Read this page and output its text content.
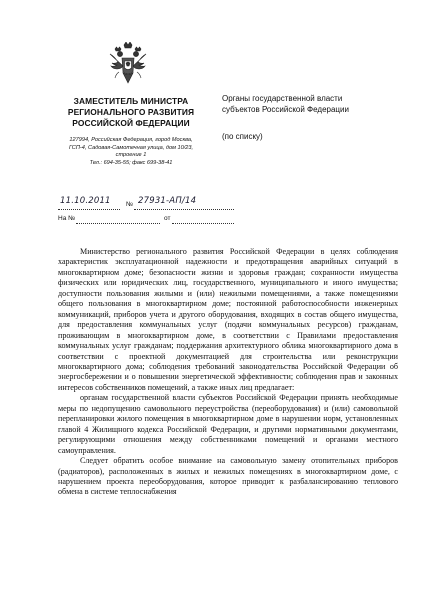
ЗАМЕСТИТЕЛЬ МИНИСТРА

РЕГИОНАЛЬНОГО РАЗВИТИЯ

РОССИЙСКОЙ ФЕДЕРАЦИИ

127994, Российская Федерация, город Москва,
ГСП-4, Садовая-Самотечная улица, дом 10/23,
строение 1
Тел.: 694-35-55; факс 699-38-41
Органы государственной власти
субъектов Российской Федерации
(по списку)
11.10.2011 № 27931-АП/14
На №	от

Министерство регионального развития Российской Федерации в целях соблюдения характеристик эксплуатационной надежности и предотвращения аварийных ситуаций в многоквартирном доме; безопасности жизни и здоровья граждан; сохранности имущества физических или юридических лиц, государственного, муниципального и иного имущества; доступности пользования жилыми и (или) нежилыми помещениями, а также помещениями общего пользования в многоквартирном доме; постоянной работоспособности инженерных коммуникаций, приборов учета и другого оборудования, входящих в состав общего имущества, для предоставления коммунальных услуг (подачи коммунальных ресурсов) гражданам, проживающим в многоквартирном доме, в соответствии с Правилами предоставления коммунальных услуг гражданам; поддержания архитектурного облика многоквартирного дома в соответствии с проектной документацией для строительства или реконструкции многоквартирного дома; соблюдения требований законодательства Российской Федерации об энергосбережении и о повышении энергетической эффективности; соблюдения прав и законных интересов собственников помещений, а также иных лиц предлагает:

органам государственной власти субъектов Российской Федерации принять необходимые меры по недопущению самовольного переустройства (переоборудования) и (или) самовольной перепланировки жилого помещения в многоквартирном доме в нарушении норм, установленных главой 4 Жилищного кодекса Российской Федерации, и другими нормативными документами, регулирующими отношения между собственниками помещений и органами местного самоуправления.

Следует обратить особое внимание на самовольную замену отопительных приборов (радиаторов), расположенных в жилых и нежилых помещениях в многоквартирном доме, с нарушением проекта переоборудования, которое приводит к разбалансированию теплового обмена в системе теплоснабжения
